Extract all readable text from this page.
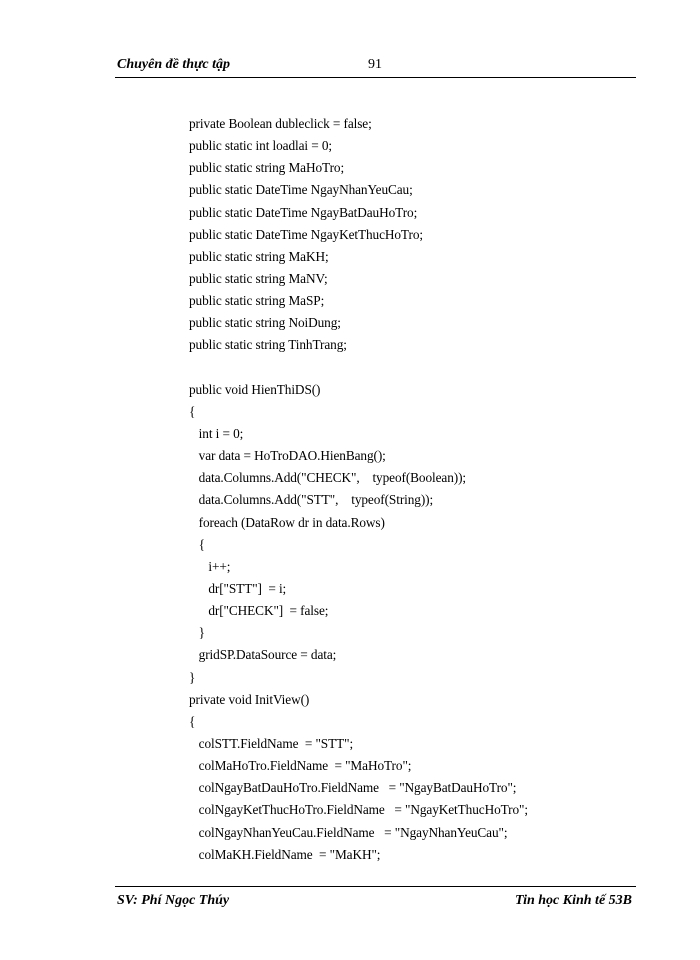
Chuyên đề thực tập	91
private Boolean dubleclick = false;
public static int loadlai = 0;
public static string MaHoTro;
public static DateTime NgayNhanYeuCau;
public static DateTime NgayBatDauHoTro;
public static DateTime NgayKetThucHoTro;
public static string MaKH;
public static string MaNV;
public static string MaSP;
public static string NoiDung;
public static string TinhTrang;
public void HienThiDS()
{
int i = 0;
var data = HoTroDAO.HienBang();
data.Columns.Add("CHECK",    typeof(Boolean));
data.Columns.Add("STT",    typeof(String));
foreach (DataRow dr in data.Rows)
{
i++;
dr["STT"]  = i;
dr["CHECK"]  = false;
}
gridSP.DataSource = data;
}
private void InitView()
{
colSTT.FieldName  = "STT";
colMaHoTro.FieldName  = "MaHoTro";
colNgayBatDauHoTro.FieldName   = "NgayBatDauHoTro";
colNgayKetThucHoTro.FieldName   = "NgayKetThucHoTro";
colNgayNhanYeuCau.FieldName   = "NgayNhanYeuCau";
colMaKH.FieldName  = "MaKH";
SV: Phí Ngọc Thúy	Tin học Kinh tế 53B
